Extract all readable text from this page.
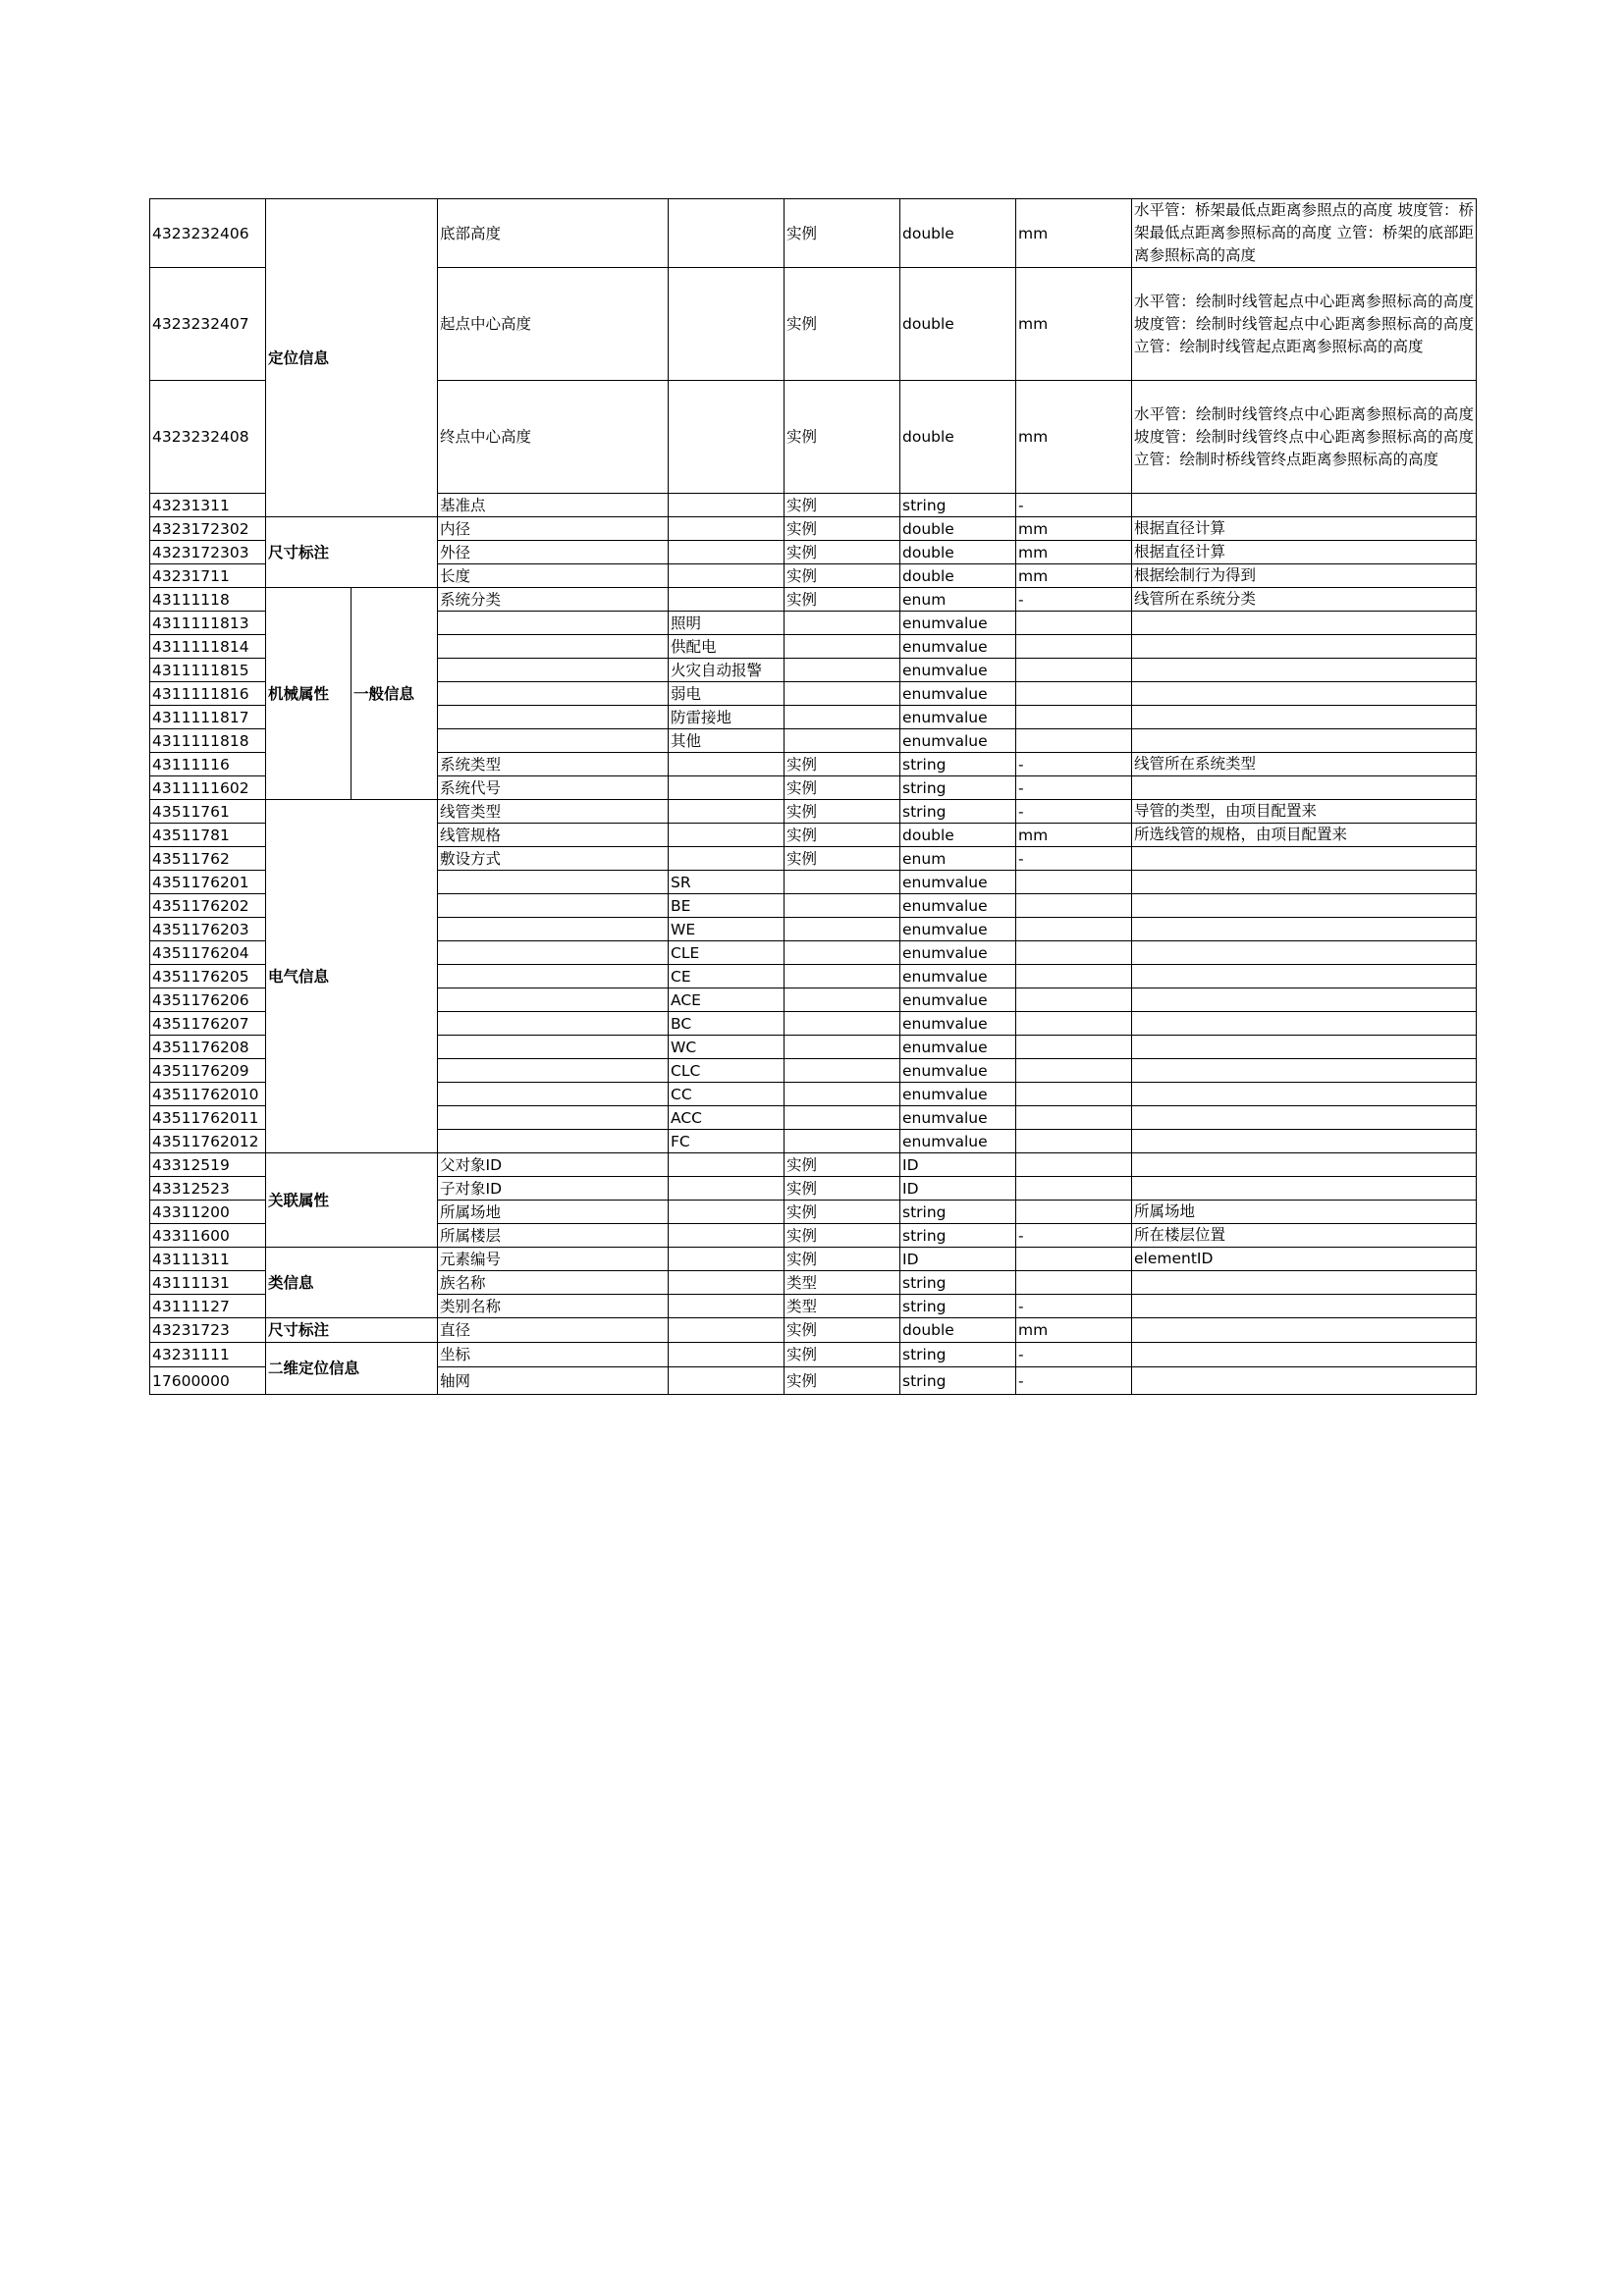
4323232406	定位信息		底部高度		实例	double	mm	水平管：桥架最低点距离参照点的高度 坡度管：桥架最低点距离参照标高的高度 立管：桥架的底部距离参照标高的高度
4323232407			起点中心高度		实例	double	mm	水平管：绘制时线管起点中心距离参照标高的高度 坡度管：绘制时线管起点中心距离参照标高的高度 立管：绘制时线管起点距离参照标高的高度
4323232408			终点中心高度		实例	double	mm	水平管：绘制时线管终点中心距离参照标高的高度 坡度管：绘制时线管终点中心距离参照标高的高度 立管：绘制时桥线管终点距离参照标高的高度
43231311			基准点		实例	string	-	
4323172302	尺寸标注		内径		实例	double	mm	根据直径计算
4323172303			外径		实例	double	mm	根据直径计算
43231711			长度		实例	double	mm	根据绘制行为得到
43111118	机械属性	一般信息	系统分类		实例	enum	-	线管所在系统分类
4311111813				照明		enumvalue		
4311111814				供配电		enumvalue		
4311111815				火灾自动报警		enumvalue		
4311111816				弱电		enumvalue		
4311111817				防雷接地		enumvalue		
4311111818				其他		enumvalue		
43111116			系统类型		实例	string	-	线管所在系统类型
4311111602			系统代号		实例	string	-	
43511761	电气信息		线管类型		实例	string	-	导管的类型，由项目配置来
43511781			线管规格		实例	double	mm	所选线管的规格，由项目配置来
43511762			敷设方式		实例	enum	-	
4351176201				SR		enumvalue		
4351176202				BE		enumvalue		
4351176203				WE		enumvalue		
4351176204				CLE		enumvalue		
4351176205				CE		enumvalue		
4351176206				ACE		enumvalue		
4351176207				BC		enumvalue		
4351176208				WC		enumvalue		
4351176209				CLC		enumvalue		
43511762010				CC		enumvalue		
43511762011				ACC		enumvalue		
43511762012				FC		enumvalue		
43312519	关联属性		父对象ID		实例	ID		
43312523			子对象ID		实例	ID		
43311200			所属场地		实例	string		所属场地
43311600			所属楼层		实例	string	-	所在楼层位置
43111311	类信息		元素编号		实例	ID		elementID
43111131			族名称		类型	string		
43111127			类别名称		类型	string	-	
43231723	尺寸标注		直径		实例	double	mm	
43231111	二维定位信息		坐标		实例	string	-	
17600000			轴网		实例	string	-	
